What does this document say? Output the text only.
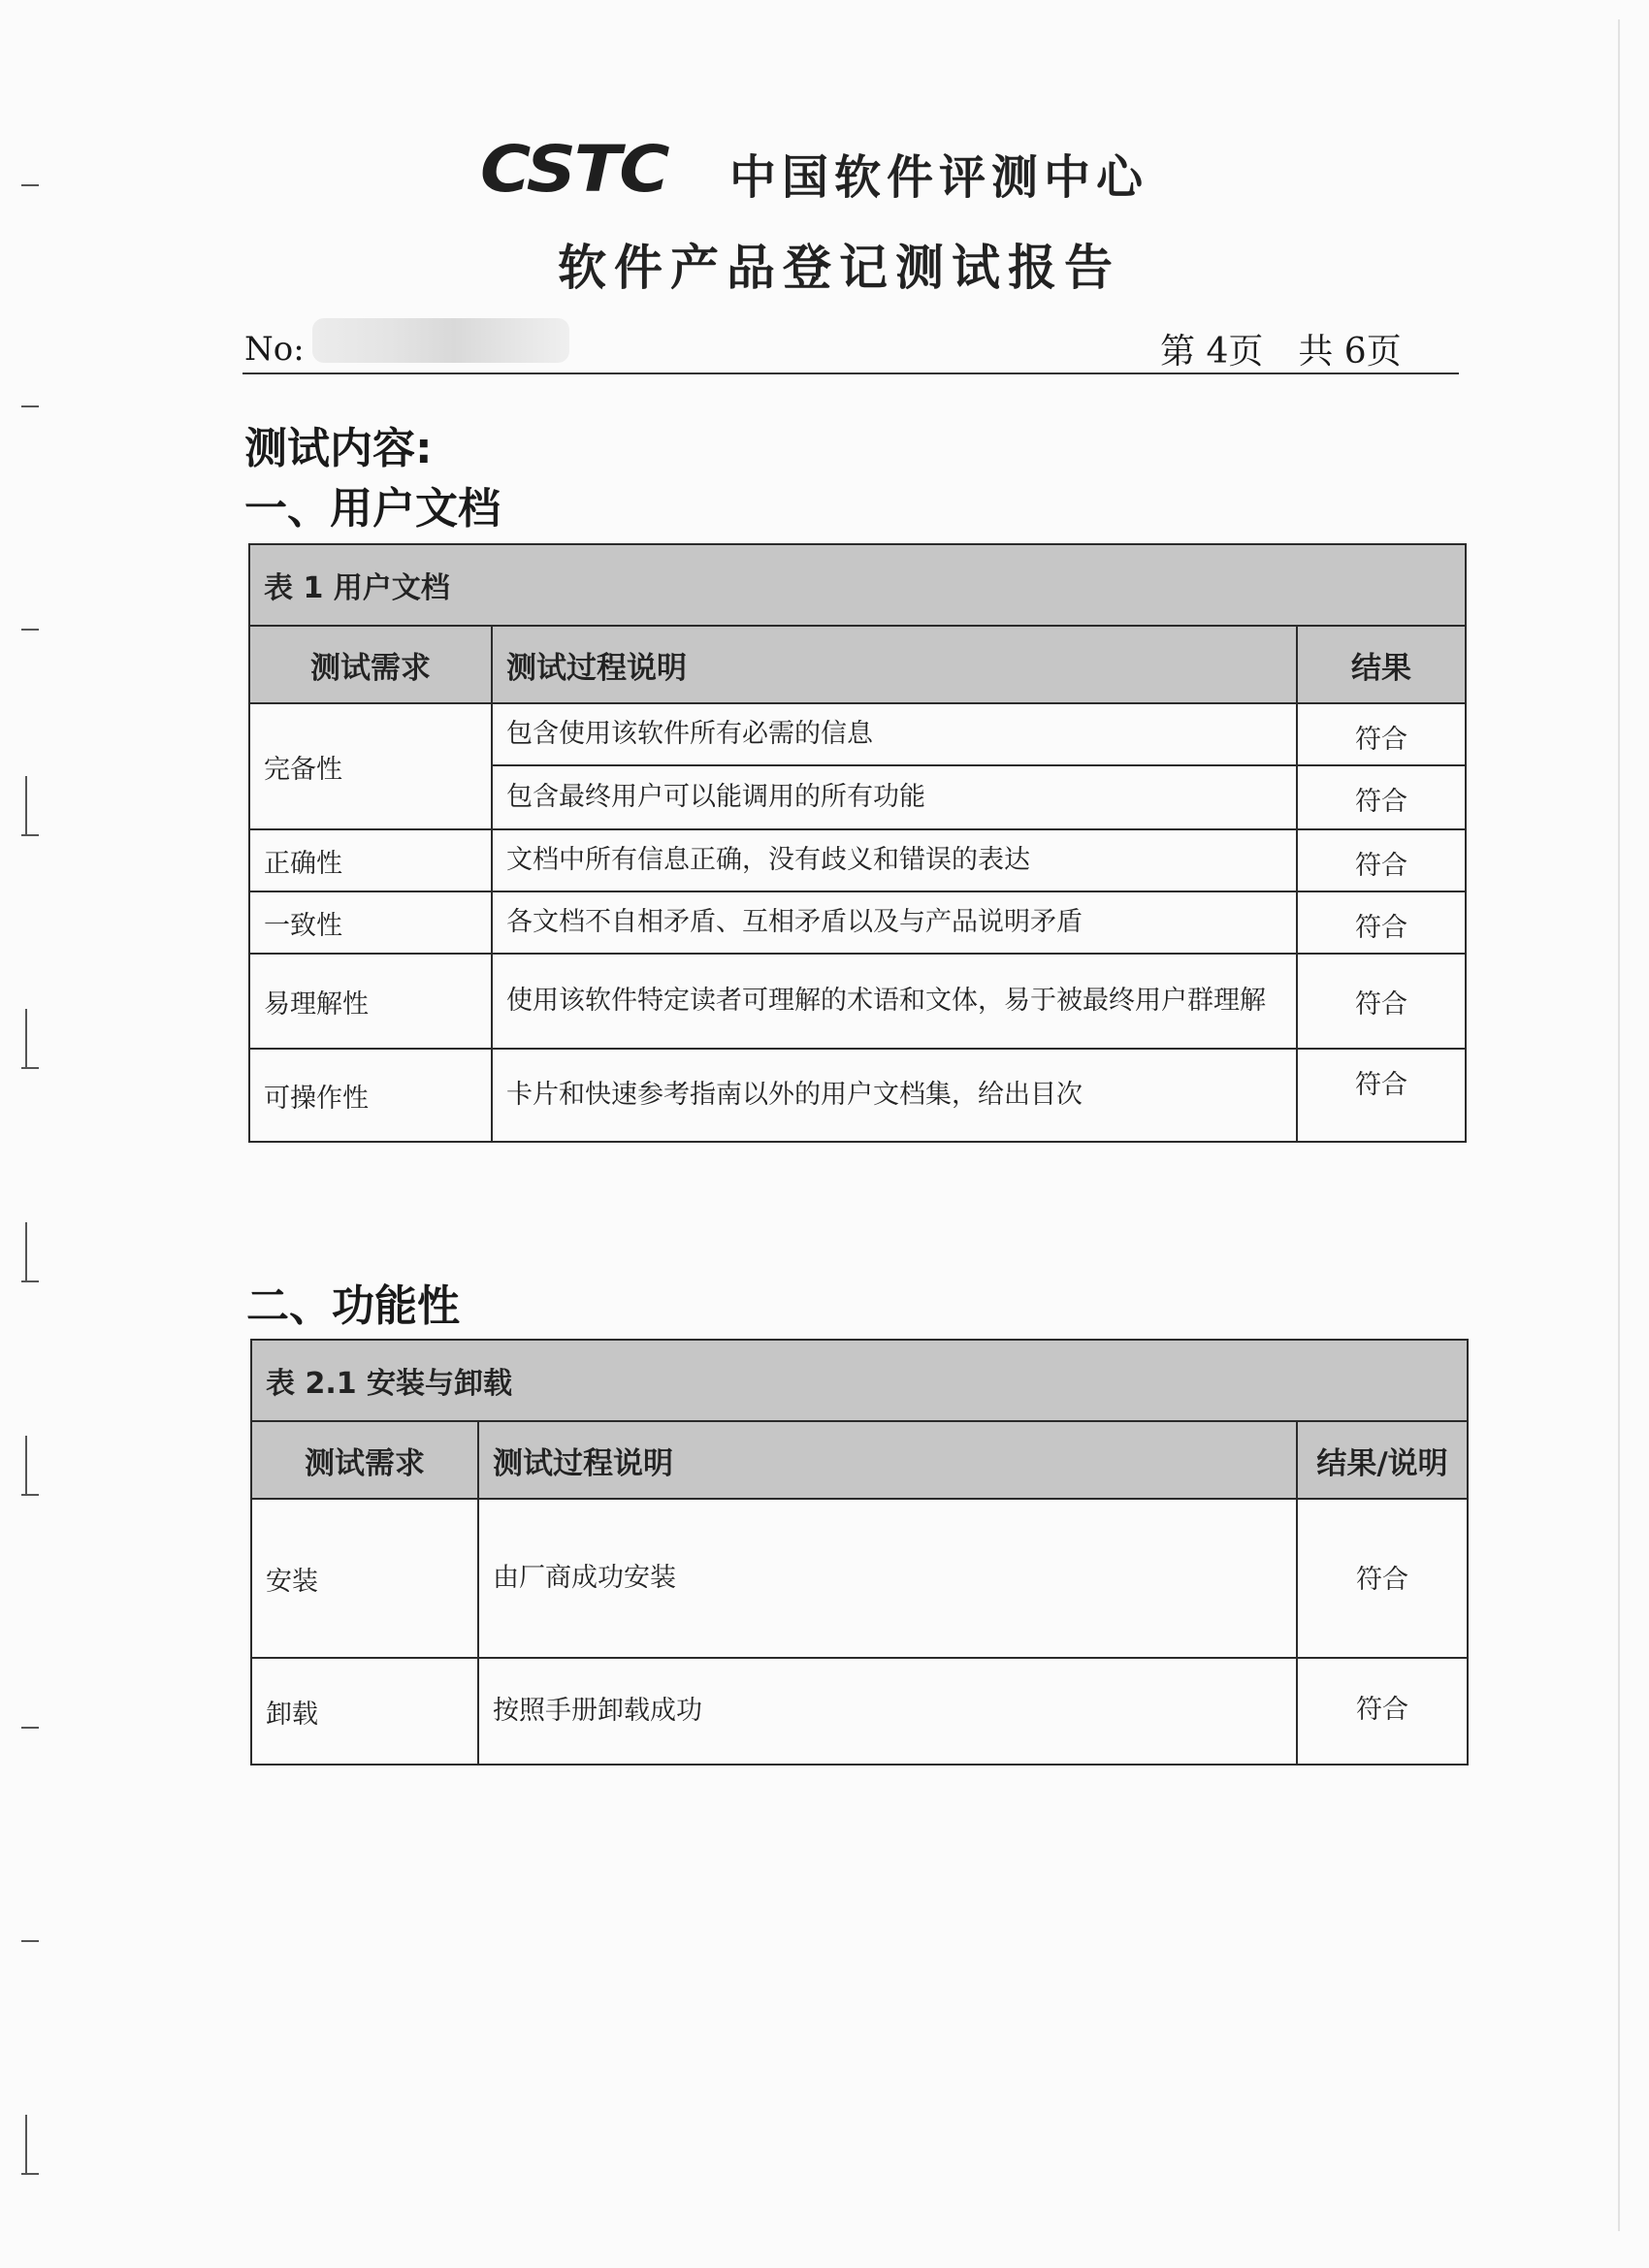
CSTC	中国软件评测中心
软件产品登记测试报告
No:	第 4页　共 6页
测试内容:
一、用户文档
表 1 用户文档		
测试需求	测试过程说明	结果
完备性	包含使用该软件所有必需的信息	符合
	包含最终用户可以能调用的所有功能	符合
正确性	文档中所有信息正确，没有歧义和错误的表达	符合
一致性	各文档不自相矛盾、互相矛盾以及与产品说明矛盾	符合
易理解性	使用该软件特定读者可理解的术语和文体，易于被最终用户群理解	符合
可操作性	卡片和快速参考指南以外的用户文档集，给出目次	符合
二、功能性
表 2.1 安装与卸载		
测试需求	测试过程说明	结果/说明
安装	由厂商成功安装	符合
卸载	按照手册卸载成功	符合
